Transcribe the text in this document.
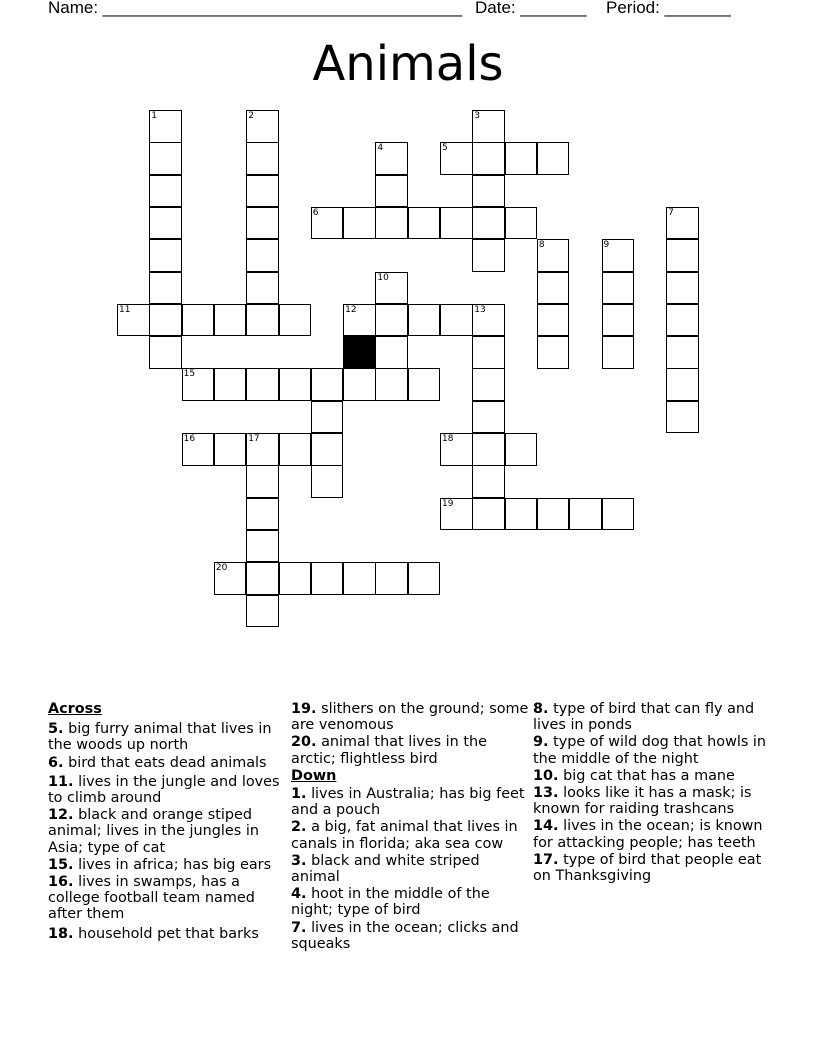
Name: ______________________________________ Date: _______ Period: _______
Animals
1	2	3
4	5
6	7
8	9
10
11	12	13
15
16	17	18
19
20
Across
5. big furry animal that lives in the woods up north
6. bird that eats dead animals
11. lives in the jungle and loves to climb around
12. black and orange stiped animal; lives in the jungles in Asia; type of cat
15. lives in africa; has big ears
16. lives in swamps, has a college football team named after them
18. household pet that barks
19. slithers on the ground; some are venomous
20. animal that lives in the arctic; flightless bird
Down
1. lives in Australia; has big feet and a pouch
2. a big, fat animal that lives in canals in florida; aka sea cow
3. black and white striped animal
4. hoot in the middle of the night; type of bird
7. lives in the ocean; clicks and squeaks
8. type of bird that can fly and lives in ponds
9. type of wild dog that howls in the middle of the night
10. big cat that has a mane
13. looks like it has a mask; is known for raiding trashcans
14. lives in the ocean; is known for attacking people; has teeth
17. type of bird that people eat on Thanksgiving
